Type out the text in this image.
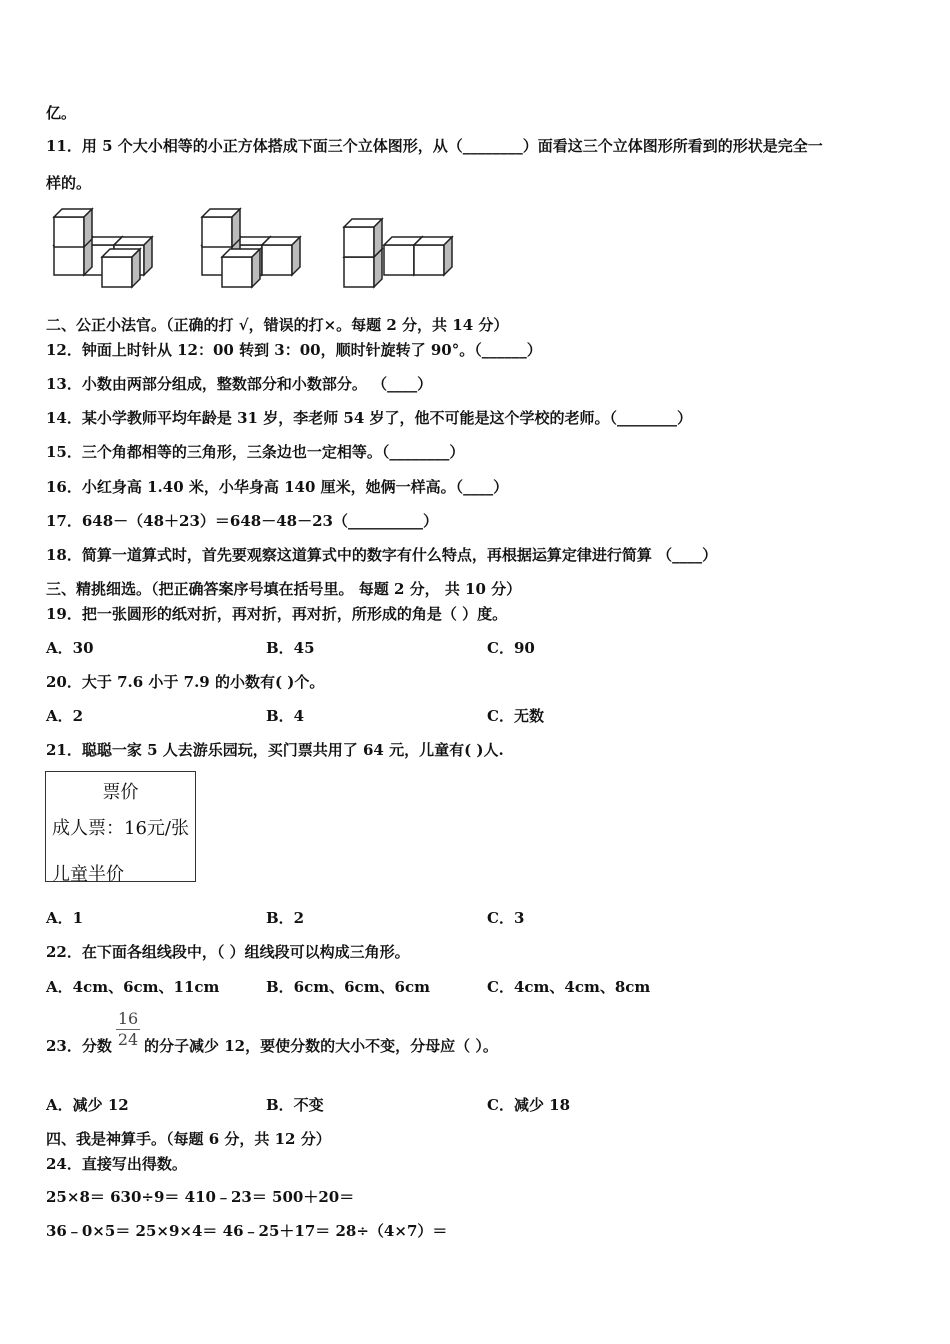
亿。
11．用 5 个大小相等的小正方体搭成下面三个立体图形，从（________）面看这三个立体图形所看到的形状是完全一
样的。
二、公正小法官。（正确的打 √，错误的打×。每题 2 分，共 14 分）
12．钟面上时针从 12：00 转到 3：00，顺时针旋转了 90°。（______）
13．小数由两部分组成，整数部分和小数部分。 （____）
14．某小学教师平均年龄是 31 岁，李老师 54 岁了，他不可能是这个学校的老师。（________）
15．三个角都相等的三角形，三条边也一定相等。（________）
16．小红身高 1.40 米，小华身高 140 厘米，她俩一样高。（____）
17．648－（48＋23）＝648－48－23（__________）
18．简算一道算式时，首先要观察这道算式中的数字有什么特点，再根据运算定律进行简算 （____）
三、精挑细选。（把正确答案序号填在括号里。 每题 2 分， 共 10 分）
19．把一张圆形的纸对折，再对折，再对折，所形成的角是（ ）度。
A．30	B．45	C．90
20．大于 7.6 小于 7.9 的小数有( )个。
A．2	B．4	C．无数
21．聪聪一家 5 人去游乐园玩，买门票共用了 64 元，儿童有( )人.
票价
成人票：16元/张
儿童半价
A．1	B．2	C．3
22．在下面各组线段中，（ ）组线段可以构成三角形。
A．4cm、6cm、11cm	B．6cm、6cm、6cm	C．4cm、4cm、8cm
23．分数
16
24 的分子减少 12，要使分数的大小不变，分母应（ ）。
A．减少 12	B．不变	C．减少 18
四、我是神算手。（每题 6 分，共 12 分）
24．直接写出得数。
25×8＝ 630÷9＝ 410﹣23＝ 500＋20＝
36﹣0×5＝ 25×9×4＝ 46﹣25＋17＝ 28÷（4×7）＝
